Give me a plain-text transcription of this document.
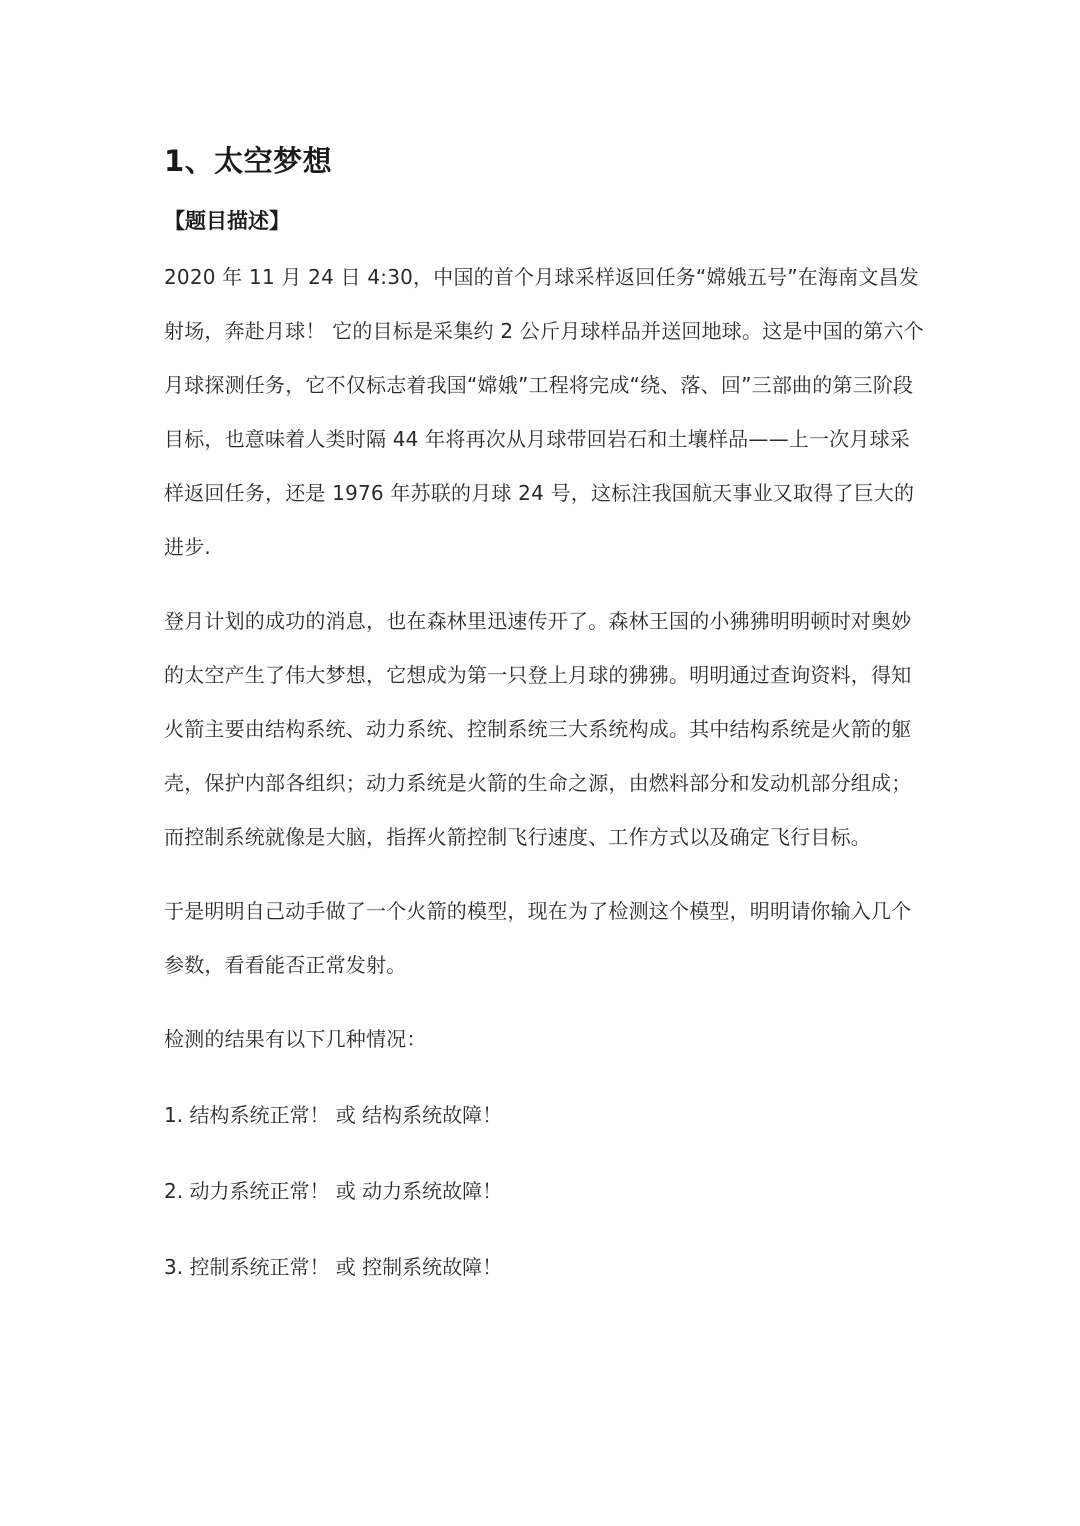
1、太空梦想
【题目描述】

2020 年 11 月 24 日 4:30，中国的首个月球采样返回任务“嫦娥五号”在海南文昌发射场，奔赴月球！ 它的目标是采集约 2 公斤月球样品并送回地球。这是中国的第六个月球探测任务，它不仅标志着我国“嫦娥”工程将完成“绕、落、回”三部曲的第三阶段目标，也意味着人类时隔 44 年将再次从月球带回岩石和土壤样品——上一次月球采样返回任务，还是 1976 年苏联的月球 24 号，这标注我国航天事业又取得了巨大的进步.

登月计划的成功的消息，也在森林里迅速传开了。森林王国的小狒狒明明顿时对奥妙的太空产生了伟大梦想，它想成为第一只登上月球的狒狒。明明通过查询资料，得知火箭主要由结构系统、动力系统、控制系统三大系统构成。其中结构系统是火箭的躯壳，保护内部各组织；动力系统是火箭的生命之源，由燃料部分和发动机部分组成；而控制系统就像是大脑，指挥火箭控制飞行速度、工作方式以及确定飞行目标。

于是明明自己动手做了一个火箭的模型，现在为了检测这个模型，明明请你输入几个参数，看看能否正常发射。

检测的结果有以下几种情况：

1. 结构系统正常！ 或 结构系统故障！

2. 动力系统正常！ 或 动力系统故障！

3. 控制系统正常！ 或 控制系统故障！
